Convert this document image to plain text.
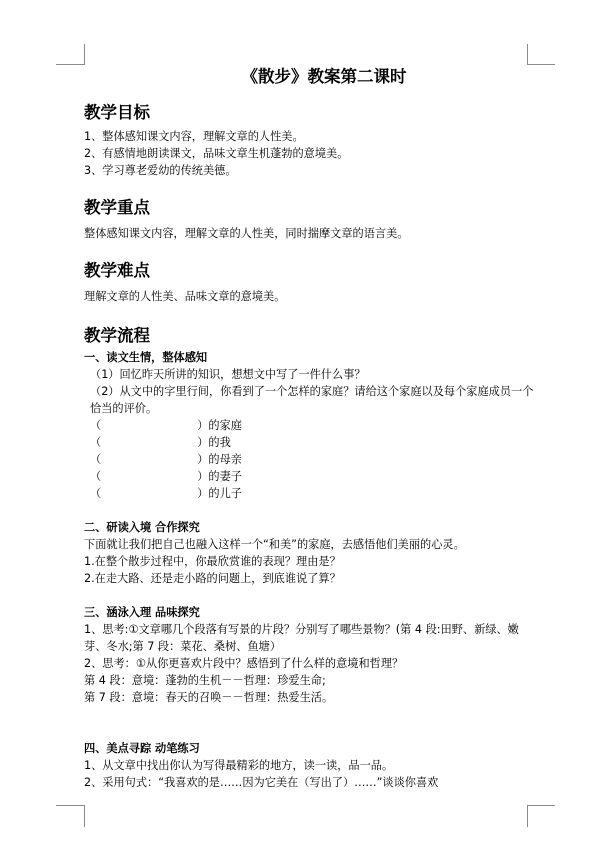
《散步》教案第二课时
教学目标

1、整体感知课文内容，理解文章的人性美。

2、有感情地朗读课文，品味文章生机蓬勃的意境美。

3、学习尊老爱幼的传统美德。

教学重点

整体感知课文内容，理解文章的人性美，同时揣摩文章的语言美。

教学难点

理解文章的人性美、品味文章的意境美。

教学流程

一、读文生情，整体感知

（1）回忆昨天所讲的知识，想想文中写了一件什么事？

（2）从文中的字里行间，你看到了一个怎样的家庭？请给这个家庭以及每个家庭成员一个恰当的评价。

（	）的家庭

（	）的我

（	）的母亲

（	）的妻子

（	）的儿子

二、研读入境 合作探究

下面就让我们把自己也融入这样一个“和美”的家庭，去感悟他们美丽的心灵。

1.在整个散步过程中，你最欣赏谁的表现？理由是？

2.在走大路、还是走小路的问题上，到底谁说了算？

三、涵泳入理 品味探究

1、思考:①文章哪几个段落有写景的片段？分别写了哪些景物？(第 4 段:田野、新绿、嫩芽、冬水;第 7 段：菜花、桑树、鱼塘）

2、思考：①从你更喜欢片段中？感悟到了什么样的意境和哲理？

第 4 段：意境：蓬勃的生机－－哲理：珍爱生命;

第 7 段：意境：春天的召唤－－哲理：热爱生活。

四、美点寻踪 动笔练习

1、从文章中找出你认为写得最精彩的地方，读一读，品一品。

2、采用句式：“我喜欢的是……因为它美在（写出了）……”谈谈你喜欢
